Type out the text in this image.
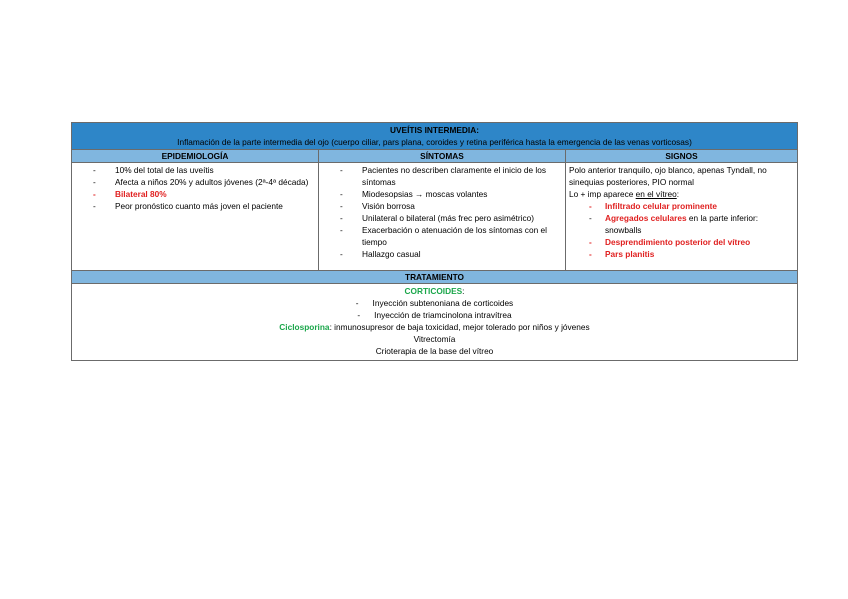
UVEÍTIS INTERMEDIA:
Inflamación de la parte intermedia del ojo (cuerpo ciliar, pars plana, coroides y retina periférica hasta la emergencia de las venas vorticosas)
EPIDEMIOLOGÍA
- 10% del total de las uveítis
- Afecta a niños 20% y adultos jóvenes (2ª-4ª década)
- Bilateral 80%
- Peor pronóstico cuanto más joven el paciente
SÍNTOMAS
- Pacientes no describen claramente el inicio de los síntomas
- Miodesopsias → moscas volantes
- Visión borrosa
- Unilateral o bilateral (más frec pero asimétrico)
- Exacerbación o atenuación de los síntomas con el tiempo
- Hallazgo casual
SIGNOS
Polo anterior tranquilo, ojo blanco, apenas Tyndall, no sinequias posteriores, PIO normal
Lo + imp aparece en el vítreo:
- Infiltrado celular prominente
- Agregados celulares en la parte inferior: snowballs
- Desprendimiento posterior del vítreo
- Pars planitis
TRATAMIENTO
CORTICOIDES:
- Inyección subtenoniana de corticoides
- Inyección de triamcinolona intravítrea
Ciclosporina: inmunosupresor de baja toxicidad, mejor tolerado por niños y jóvenes
Vitrectomía
Crioterapia de la base del vítreo
